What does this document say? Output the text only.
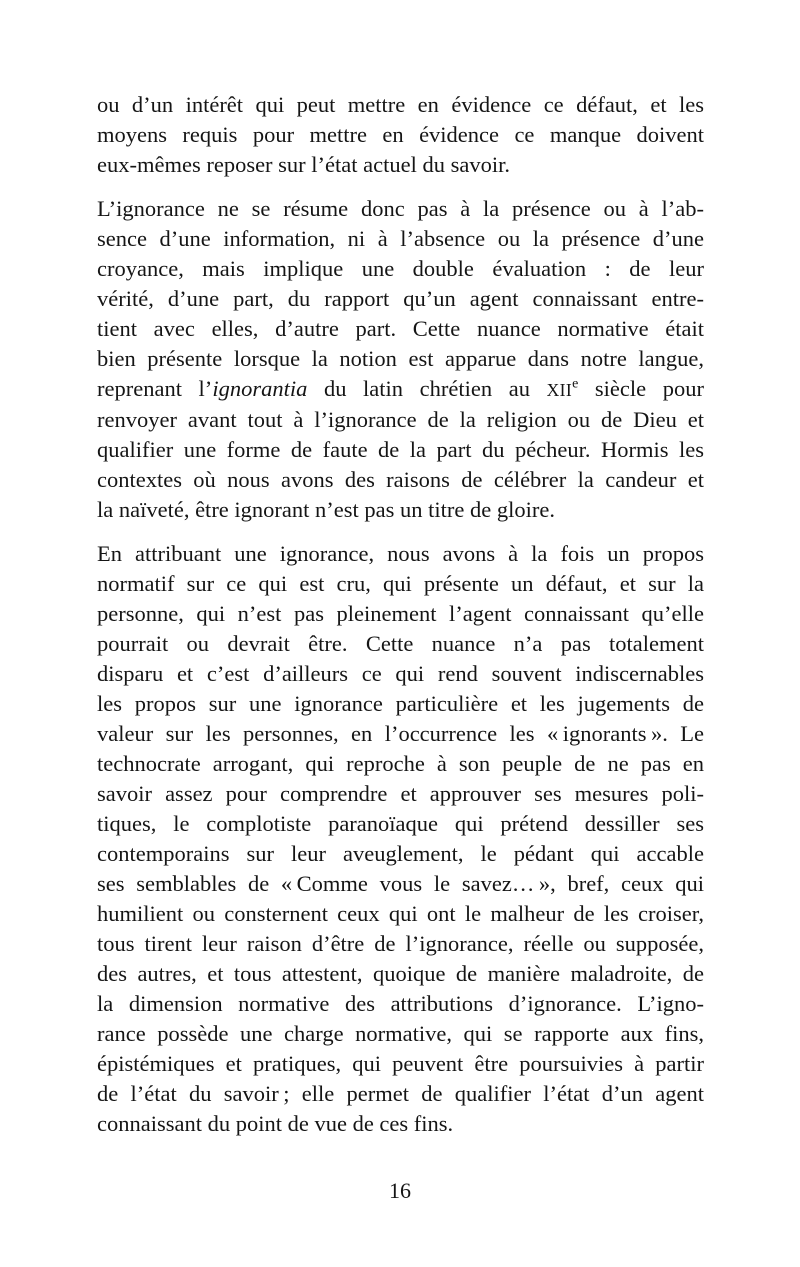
ou d’un intérêt qui peut mettre en évidence ce défaut, et les
moyens requis pour mettre en évidence ce manque doivent
eux-mêmes reposer sur l’état actuel du savoir.
L’ignorance ne se résume donc pas à la présence ou à l’ab-
sence d’une information, ni à l’absence ou la présence d’une
croyance, mais implique une double évaluation : de leur
vérité, d’une part, du rapport qu’un agent connaissant entre-
tient avec elles, d’autre part. Cette nuance normative était
bien présente lorsque la notion est apparue dans notre langue,
reprenant l’ignorantia du latin chrétien au XIIe siècle pour
renvoyer avant tout à l’ignorance de la religion ou de Dieu et
qualifier une forme de faute de la part du pécheur. Hormis les
contextes où nous avons des raisons de célébrer la candeur et
la naïveté, être ignorant n’est pas un titre de gloire.
En attribuant une ignorance, nous avons à la fois un propos
normatif sur ce qui est cru, qui présente un défaut, et sur la
personne, qui n’est pas pleinement l’agent connaissant qu’elle
pourrait ou devrait être. Cette nuance n’a pas totalement
disparu et c’est d’ailleurs ce qui rend souvent indiscernables
les propos sur une ignorance particulière et les jugements de
valeur sur les personnes, en l’occurrence les « ignorants ». Le
technocrate arrogant, qui reproche à son peuple de ne pas en
savoir assez pour comprendre et approuver ses mesures poli-
tiques, le complotiste paranoïaque qui prétend dessiller ses
contemporains sur leur aveuglement, le pédant qui accable
ses semblables de « Comme vous le savez… », bref, ceux qui
humilient ou consternent ceux qui ont le malheur de les croiser,
tous tirent leur raison d’être de l’ignorance, réelle ou supposée,
des autres, et tous attestent, quoique de manière maladroite, de
la dimension normative des attributions d’ignorance. L’igno-
rance possède une charge normative, qui se rapporte aux fins,
épistémiques et pratiques, qui peuvent être poursuivies à partir
de l’état du savoir ; elle permet de qualifier l’état d’un agent
connaissant du point de vue de ces fins.
16
